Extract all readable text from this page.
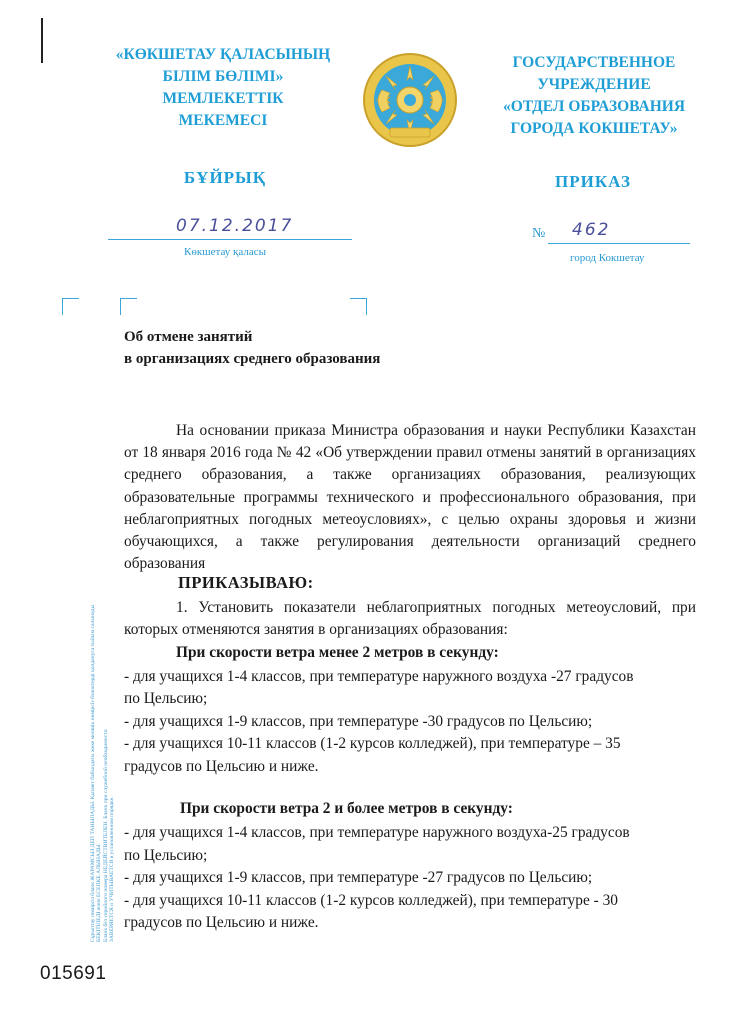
«КӨКШЕТАУ ҚАЛАСЫНЫҢ

БІЛІМ БӨЛІМІ»

МЕМЛЕКЕТТІК

МЕКЕМЕСІ

ГОСУДАРСТВЕННОЕ

УЧРЕЖДЕНИЕ

«ОТДЕЛ ОБРАЗОВАНИЯ

ГОРОДА КОКШЕТАУ»

БҰЙРЫҚ	ПРИКАЗ
07.12.2017
Көкшетау қаласы
№ 462
город Кокшетау
Об отмене занятий
в организациях среднего образования

На основании приказа Министра образования и науки Республики Казахстан от 18 января 2016 года № 42 «Об утверждении правил отмены занятий в организациях среднего образования, а также организациях образования, реализующих образовательные программы технического и профессионального образования, при неблагоприятных погодных метеоусловиях», с целью охраны здоровья и жизни обучающихся, а также регулирования деятельности организаций среднего образования

ПРИКАЗЫВАЮ:

1. Установить показатели неблагоприятных погодных метеоусловий, при которых отменяются занятия в организациях образования:

При скорости ветра менее 2 метров в секунду:

- для учащихся 1-4 классов, при температуре наружного воздуха -27 градусов

по Цельсию;

- для учащихся 1-9 классов, при температуре -30 градусов по Цельсию;

- для учащихся 10-11 классов (1-2 курсов колледжей), при температуре – 35

градусов по Цельсию и ниже.

При скорости ветра 2 и более метров в секунду:

- для учащихся 1-4 классов, при температуре наружного воздуха-25 градусов

по Цельсию;

- для учащихся 1-9 классов, при температуре -27 градусов по Цельсию;

- для учащихся 10-11 классов (1-2 курсов колледжей), при температуре - 30

градусов по Цельсию и ниже.

Сұрыптау нөмірсіз бланк ЖАРАМСЫЗ ДЕП ТАНЫЛАДЫ. Қызмет бабындағы жеке меншік нөмірсіз бланктерді қолдануға тыйым салынады БЕКІТІЛЕДІ және ЕСЕПКЕ АЛЫНАДЫ. Бланк без серийного номера НЕДЕЙСТВИТЕЛЕН. Бланк при служебной необходимости ЗАВЕРЯЕТСЯ и УЧИТЫВАЕТСЯ в установленном порядке.
015691
